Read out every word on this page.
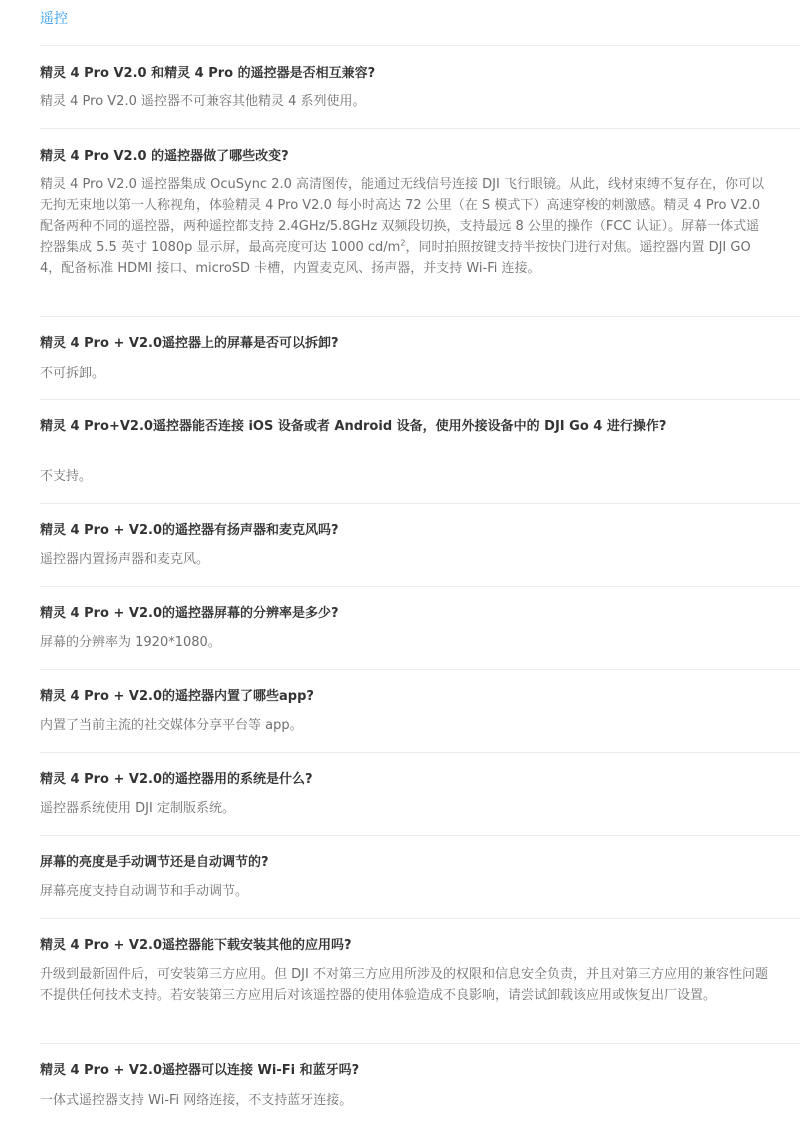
遥控
精灵 4 Pro V2.0 和精灵 4 Pro 的遥控器是否相互兼容?
精灵 4 Pro V2.0 遥控器不可兼容其他精灵 4 系列使用。
精灵 4 Pro V2.0 的遥控器做了哪些改变?
精灵 4 Pro V2.0 遥控器集成 OcuSync 2.0 高清图传，能通过无线信号连接 DJI 飞行眼镜。从此，线材束缚不复存在，你可以无拘无束地以第一人称视角，体验精灵 4 Pro V2.0 每小时高达 72 公里（在 S 模式下）高速穿梭的刺激感。精灵 4 Pro V2.0 配备两种不同的遥控器，两种遥控都支持 2.4GHz/5.8GHz 双频段切换，支持最远 8 公里的操作（FCC 认证）。屏幕一体式遥控器集成 5.5 英寸 1080p 显示屏，最高亮度可达 1000 $cd/m^2$，同时拍照按键支持半按快门进行对焦。遥控器内置 DJI GO 4，配备标准 HDMI 接口、microSD 卡槽，内置麦克风、扬声器，并支持 Wi-Fi 连接。
精灵 4 Pro + V2.0遥控器上的屏幕是否可以拆卸?
不可拆卸。
精灵 4 Pro+V2.0遥控器能否连接 iOS 设备或者 Android 设备，使用外接设备中的 DJI Go 4 进行操作?
不支持。
精灵 4 Pro + V2.0的遥控器有扬声器和麦克风吗?
遥控器内置扬声器和麦克风。
精灵 4 Pro + V2.0的遥控器屏幕的分辨率是多少?
屏幕的分辨率为 1920*1080。
精灵 4 Pro + V2.0的遥控器内置了哪些app?
内置了当前主流的社交媒体分享平台等 app。
精灵 4 Pro + V2.0的遥控器用的系统是什么?
遥控器系统使用 DJI 定制版系统。
屏幕的亮度是手动调节还是自动调节的?
屏幕亮度支持自动调节和手动调节。
精灵 4 Pro + V2.0遥控器能下载安装其他的应用吗?
升级到最新固件后，可安装第三方应用。但 DJI 不对第三方应用所涉及的权限和信息安全负责，并且对第三方应用的兼容性问题不提供任何技术支持。若安装第三方应用后对该遥控器的使用体验造成不良影响，请尝试卸载该应用或恢复出厂设置。
精灵 4 Pro + V2.0遥控器可以连接 Wi-Fi 和蓝牙吗?
一体式遥控器支持 Wi-Fi 网络连接，不支持蓝牙连接。
